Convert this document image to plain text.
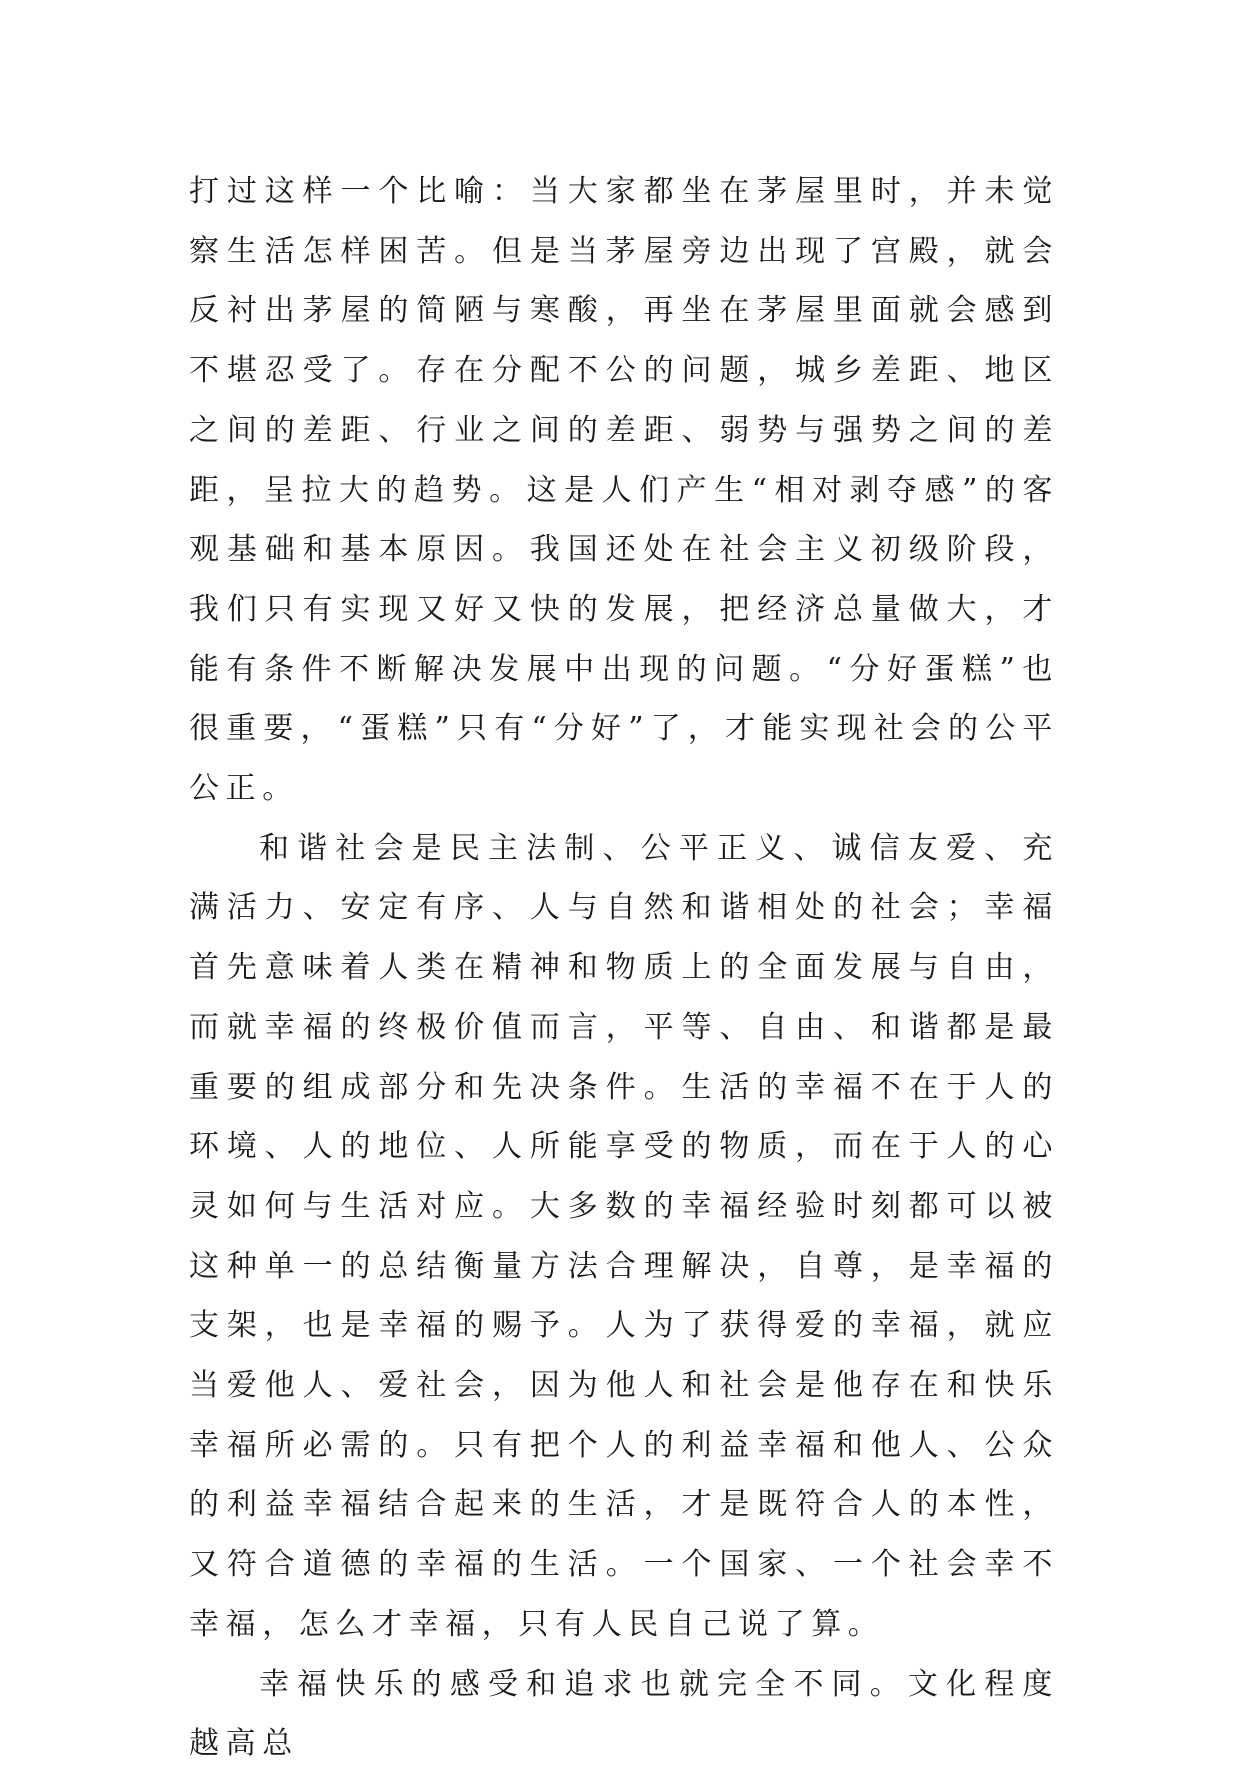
打过这样一个比喻：当大家都坐在茅屋里时，并未觉察生活怎样困苦。但是当茅屋旁边出现了宫殿，就会反衬出茅屋的简陋与寒酸，再坐在茅屋里面就会感到不堪忍受了。存在分配不公的问题，城乡差距、地区之间的差距、行业之间的差距、弱势与强势之间的差距，呈拉大的趋势。这是人们产生“相对剥夺感”的客观基础和基本原因。我国还处在社会主义初级阶段，我们只有实现又好又快的发展，把经济总量做大，才能有条件不断解决发展中出现的问题。“分好蛋糕”也很重要，“蛋糕”只有“分好”了，才能实现社会的公平公正。

和谐社会是民主法制、公平正义、诚信友爱、充满活力、安定有序、人与自然和谐相处的社会；幸福首先意味着人类在精神和物质上的全面发展与自由，而就幸福的终极价值而言，平等、自由、和谐都是最重要的组成部分和先决条件。生活的幸福不在于人的环境、人的地位、人所能享受的物质，而在于人的心灵如何与生活对应。大多数的幸福经验时刻都可以被这种单一的总结衡量方法合理解决，自尊，是幸福的支架，也是幸福的赐予。人为了获得爱的幸福，就应当爱他人、爱社会，因为他人和社会是他存在和快乐幸福所必需的。只有把个人的利益幸福和他人、公众的利益幸福结合起来的生活，才是既符合人的本性，又符合道德的幸福的生活。一个国家、一个社会幸不幸福，怎么才幸福，只有人民自己说了算。

幸福快乐的感受和追求也就完全不同。文化程度越高总
